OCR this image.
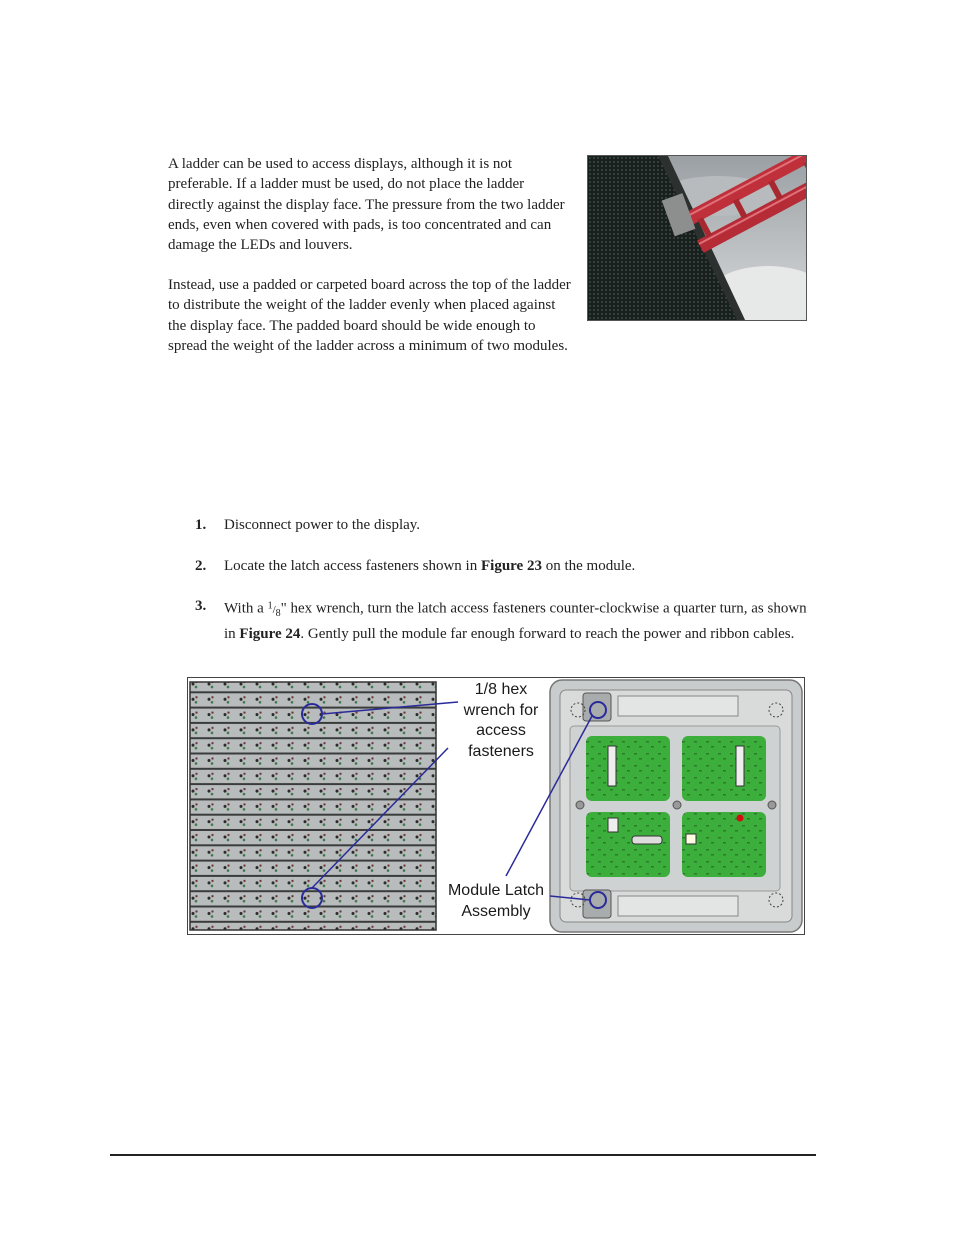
A ladder can be used to access displays, although it is not preferable. If a ladder must be used, do not place the ladder directly against the display face. The pressure from the two ladder ends, even when covered with pads, is too concentrated and can damage the LEDs and louvers.

Instead, use a padded or carpeted board across the top of the ladder to distribute the weight of the ladder evenly when placed against the display face. The padded board should be wide enough to spread the weight of the ladder across a minimum of two modules.

1. Disconnect power to the display.
2. Locate the latch access fasteners shown in Figure 23 on the module.
3. With a $^1/_8$" hex wrench, turn the latch access fasteners counter-clockwise a quarter turn, as shown in Figure 24. Gently pull the module far enough forward to reach the power and ribbon cables.
1/8 hex
wrench for
access
fasteners
Module Latch
Assembly
